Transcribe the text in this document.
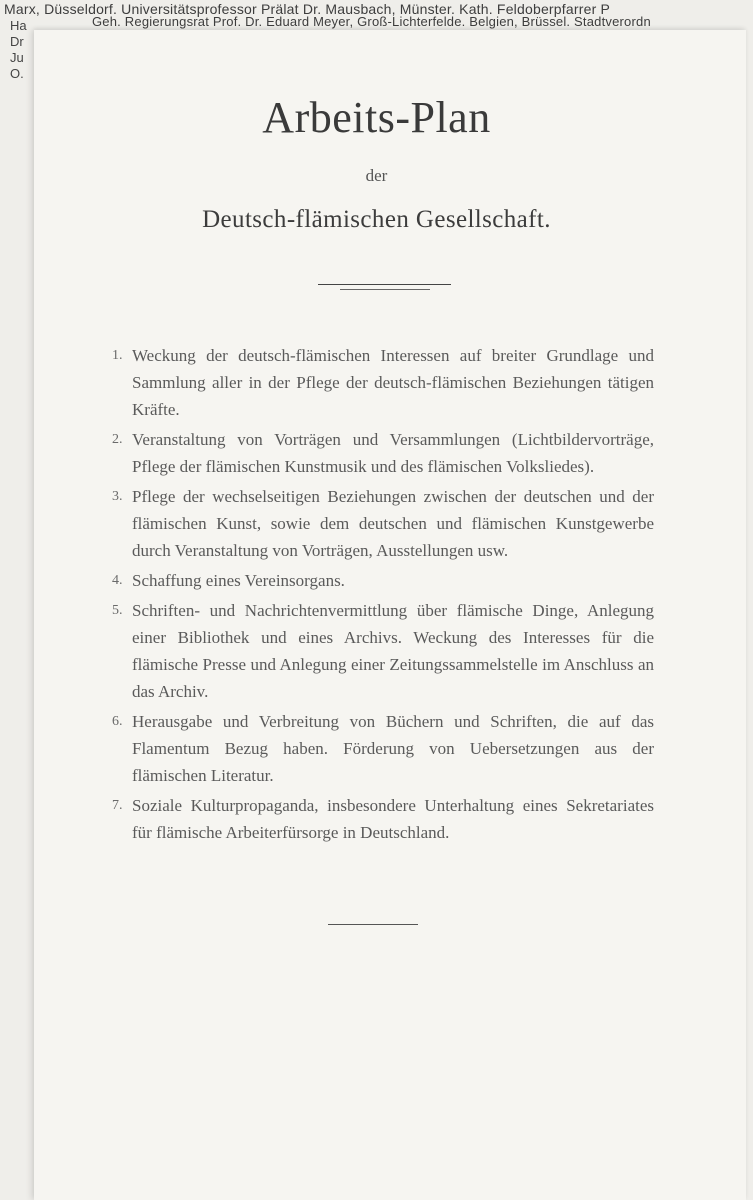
Marx, Düsseldorf. Universitätsprofessor Prälat Dr. Mausbach, Münster. Kath. Feldoberpfarrer P
Geh. Regierungsrat Prof. Dr. Eduard Meyer, Groß-Lichterfelde. Belgien, Brüssel. Stadtverordn
Ha
Dr
Ju
O.
Arbeits-Plan
der
Deutsch-flämischen Gesellschaft.
1. Weckung der deutsch-flämischen Interessen auf breiter Grundlage und Sammlung aller in der Pflege der deutsch-flämischen Beziehungen tätigen Kräfte.
2. Veranstaltung von Vorträgen und Versammlungen (Lichtbildervorträge, Pflege der flämischen Kunstmusik und des flämischen Volksliedes).
3. Pflege der wechselseitigen Beziehungen zwischen der deutschen und der flämischen Kunst, sowie dem deutschen und flämischen Kunstgewerbe durch Veranstaltung von Vorträgen, Ausstellungen usw.
4. Schaffung eines Vereinsorgans.
5. Schriften- und Nachrichtenvermittlung über flämische Dinge, Anlegung einer Bibliothek und eines Archivs. Weckung des Interesses für die flämische Presse und Anlegung einer Zeitungssammelstelle im Anschluss an das Archiv.
6. Herausgabe und Verbreitung von Büchern und Schriften, die auf das Flamentum Bezug haben. Förderung von Uebersetzungen aus der flämischen Literatur.
7. Soziale Kulturpropaganda, insbesondere Unterhaltung eines Sekretariates für flämische Arbeiterfürsorge in Deutschland.
